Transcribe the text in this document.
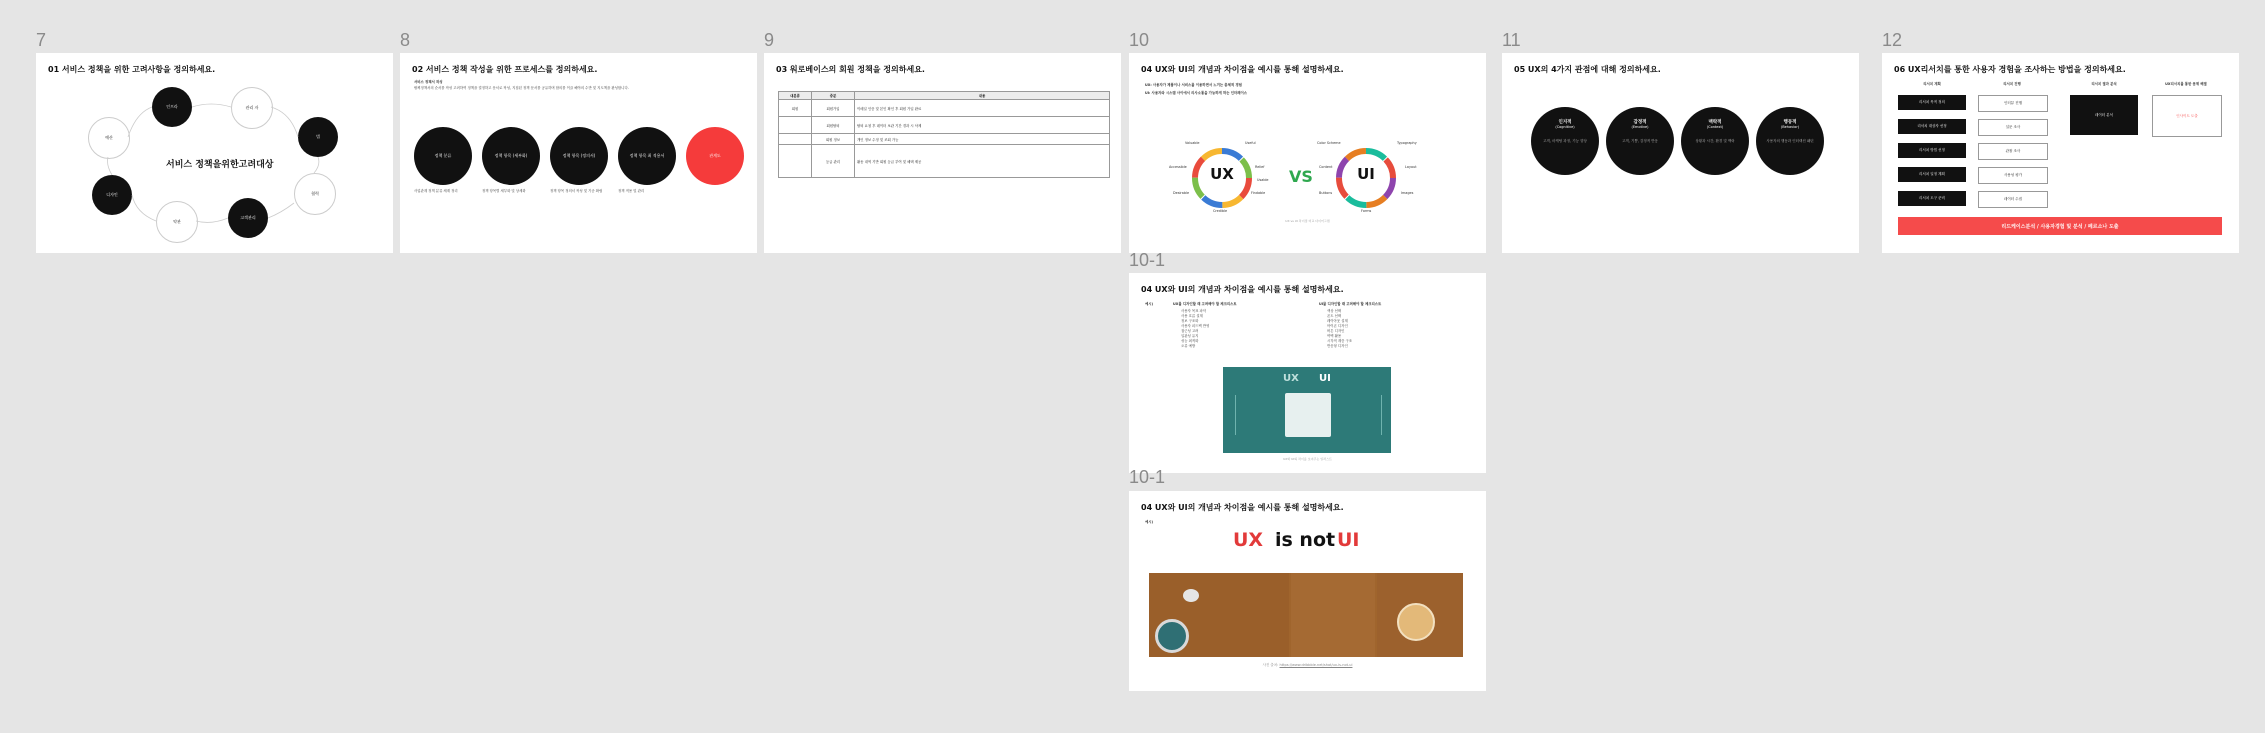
7
01 서비스 정책을 위한 고려사항을 정의하세요.
서비스 정책을위한고려대상
인프라	관리 자
법
협력
고객관리
약관
디자인
예산
8
02 서비스 정책 작성을 위한 프로세스를 정의하세요.
서비스 정책서 작성
팔찌정책서의 순서를 작성 고려하여 정책을 결정하고 문서로 작성, 지침된 정책 문서를 공유하며 합의를 이끌 해야의 수반 및 지도책을 완성합니다.
정책 분류	정책 항목 (세부화)	정책 항목 (정의서)	정책 항목 최 적용서	관계도
사업관계 정책 분류 체계 정리	정책 항목별 세부화 및 상세화	정책 항목 정의서 작성 및 기준 확립	정책 적용 및 관리
9
03 워로베이스의 회원 정책을 정의하세요.
대분류	중분	내용
회원	회원가입	이메일 인증 및 본인 확인 후 회원 가입 완료
	회원탈퇴	탈퇴 요청 후 데이터 보관 기간 경과 시 삭제
	회원 정보	개인 정보 수정 및 조회 가능
	등급 관리	활동 내역 기반 회원 등급 부여 및 혜택 제공
10
04 UX와 UI의 개념과 차이점을 예시를 통해 설명하세요.
UX: 사용자가 제품이나 서비스를 이용하면서 느끼는 총체적 경험
UI: 사용자와 시스템 사이에서 의사소통을 가능하게 하는 인터페이스
UX	VS	UI
Valuable	Useful
Accessible	Relief
Desirable	Findable
Usable
Credible
Color Scheme	Typography
Content	Layout
Buttons	Images
Forms
UX vs UI 차이점 비교 다이어그램
11
05 UX의 4가지 관점에 대해 정의하세요.
인지적
(Cognitive)
고객, 마케팅 과정, 기능 향상
감정적
(Emotive)
고객, 기쁨, 감정적 반응
맥락적
(Context)
상황과 시간, 환경 및 맥락
행동적
(Behavior)
사용자의 행동과 인터랙션 패턴
12
06 UX리서치를 통한 사용자 경험을 조사하는 방법을 정의하세요.
리서치 계획	리서치 진행	리서치 결과 분석	UX리서치를 통한 문제 해결
리서치 목적 정의
리서치 대상자 선정
리서치 방법 선정
리서치 일정 계획
리서치 도구 준비
인터뷰 진행
설문 조사
관찰 조사
사용성 평가
데이터 수집
데이터 분석	인사이트 도출
리드케이스분석 / 사용자경험 및 분석 / 페르소나 도출
10-1
04 UX와 UI의 개념과 차이점을 예시를 통해 설명하세요.
예시)	UX를 디자인할 때 고려해야 할 체크리스트
사용자 목표 파악
사용 흐름 설계
정보 구조화
사용자 피드백 반영
접근성 고려
일관성 유지
성능 최적화
오류 예방
UI를 디자인할 때 고려해야 할 체크리스트
색상 선택
폰트 선택
레이아웃 설계
아이콘 디자인
버튼 디자인
여백 활용
시각적 계층 구조
반응형 디자인
UX UI
UX와 UI의 차이를 보여주는 일러스트
10-1
04 UX와 UI의 개념과 차이점을 예시를 통해 설명하세요.
예시)
UX is not UI
사진 출처: https://www.dribbble.net/shot/ux-is-not-ui
